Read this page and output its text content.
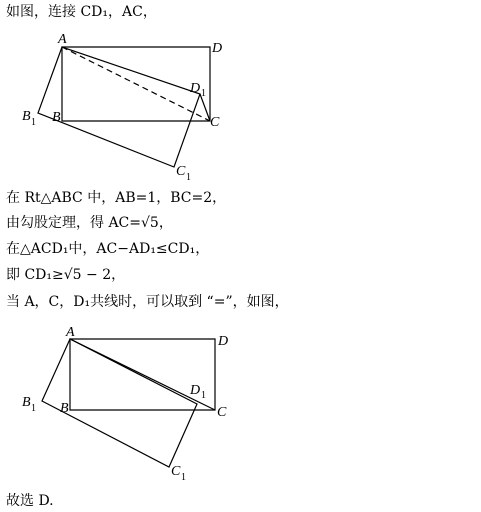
如图，连接 CD₁，AC，
A
D
B
B 1	C
C 1
D 1
在 Rt△ABC 中，AB=1，BC=2，
由勾股定理，得 AC=√5，
在△ACD₁中，AC−AD₁≤CD₁，
即 CD₁≥√5 − 2，
当 A，C，D₁共线时，可以取到 “=”，如图，
A
D
B
B 1	C
C 1
D 1
故选 D.
